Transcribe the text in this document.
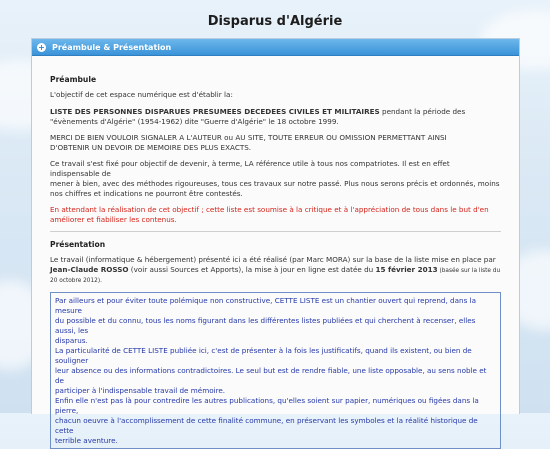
Disparus d'Algérie
+ Préambule & Présentation

Préambule

L'objectif de cet espace numérique est d'établir la:

LISTE DES PERSONNES DISPARUES PRESUMEES DECEDEES CIVILES ET MILITAIRES pendant la période des

"évènements d'Algérie" (1954-1962) dite "Guerre d'Algérie" le 18 octobre 1999.

MERCI DE BIEN VOULOIR SIGNALER A L'AUTEUR ou AU SITE, TOUTE ERREUR OU OMISSION PERMETTANT AINSI

D'OBTENIR UN DEVOIR DE MEMOIRE DES PLUS EXACTS.

Ce travail s'est fixé pour objectif de devenir, à terme, LA référence utile à tous nos compatriotes. Il est en effet indispensable de

mener à bien, avec des méthodes rigoureuses, tous ces travaux sur notre passé. Plus nous serons précis et ordonnés, moins

nos chiffres et indications ne pourront être contestés.

En attendant la réalisation de cet objectif ; cette liste est soumise à la critique et à l'appréciation de tous dans le but d'en

améliorer et fiabiliser les contenus.

Présentation

Le travail (informatique & hébergement) présenté ici a été réalisé (par Marc MORA) sur la base de la liste mise en place par

Jean-Claude ROSSO (voir aussi Sources et Apports), la mise à jour en ligne est datée du 15 février 2013 (basée sur la liste du

20 octobre 2012).

Par ailleurs et pour éviter toute polémique non constructive, CETTE LISTE est un chantier ouvert qui reprend, dans la mesure

du possible et du connu, tous les noms figurant dans les différentes listes publiées et qui cherchent à recenser, elles aussi, les

disparus.

La particularité de CETTE LISTE publiée ici, c'est de présenter à la fois les justificatifs, quand ils existent, ou bien de souligner

leur absence ou des informations contradictoires. Le seul but est de rendre fiable, une liste opposable, au sens noble et de

participer à l'indispensable travail de mémoire.

Enfin elle n'est pas là pour contredire les autres publications, qu'elles soient sur papier, numériques ou figées dans la pierre,

chacun oeuvre à l'accomplissement de cette finalité commune, en préservant les symboles et la réalité historique de cette

terrible aventure.
